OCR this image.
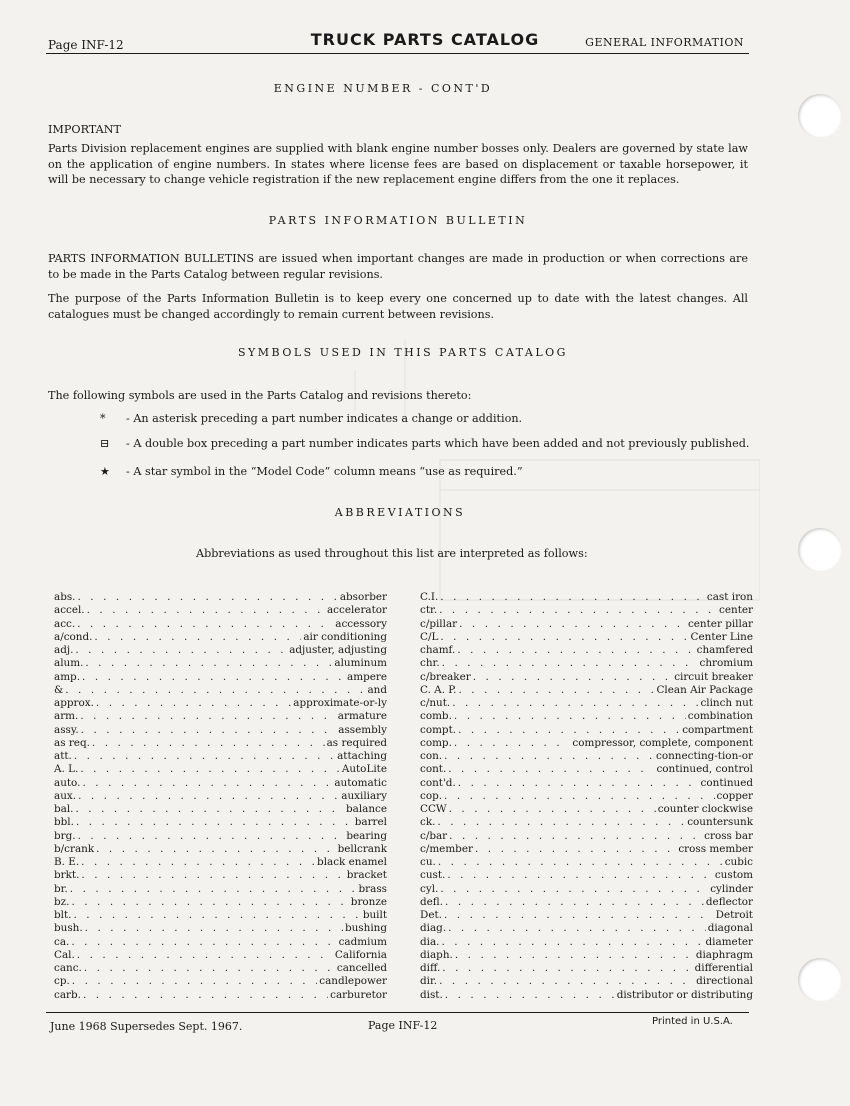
Page INF-12	TRUCK PARTS CATALOG	GENERAL INFORMATION
ENGINE NUMBER - CONT'D
IMPORTANT
Parts Division replacement engines are supplied with blank engine number bosses only. Dealers are governed by state law on the application of engine numbers. In states where license fees are based on displacement or taxable horsepower, it will be necessary to change vehicle registration if the new replacement engine differs from the one it replaces.
PARTS INFORMATION BULLETIN
PARTS INFORMATION BULLETINS are issued when important changes are made in production or when corrections are to be made in the Parts Catalog between regular revisions.
The purpose of the Parts Information Bulletin is to keep every one concerned up to date with the latest changes. All catalogues must be changed accordingly to remain current between revisions.
SYMBOLS USED IN THIS PARTS CATALOG
The following symbols are used in the Parts Catalog and revisions thereto:
* - An asterisk preceding a part number indicates a change or addition.
⊟ - A double box preceding a part number indicates parts which have been added and not previously published.
★ - A star symbol in the “Model Code” column means “use as required.”
ABBREVIATIONS
Abbreviations as used throughout this list are interpreted as follows:
abs. . . .	absorber
accel. . . .	accelerator
acc. . . .	accessory
a/cond. . . .	air conditioning
adj. . . .	adjuster, adjusting
alum. . . .	aluminum
amp. . . .	ampere
& . . .	and
approx. . . .	approximate-or-ly
arm. . . .	armature
assy. . . .	assembly
as req. . . .	as required
att. . . .	attaching
A. L. . . .	AutoLite
auto. . . .	automatic
aux. . . .	auxiliary
bal. . . .	balance
bbl. . . .	barrel
brg. . . .	bearing
b/crank . . .	bellcrank
B. E. . . .	black enamel
brkt. . . .	bracket
br. . . .	brass
bz. . . .	bronze
blt. . . .	built
bush. . . .	bushing
ca. . . .	cadmium
Cal. . . .	California
canc. . . .	cancelled
cp. . . .	candlepower
carb. . . .	carburetor
C.I. . . .	cast iron
ctr. . . .	center
c/pillar . . .	center pillar
C/L . . .	Center Line
chamf. . . .	chamfered
chr. . . .	chromium
c/breaker . . .	circuit breaker
C. A. P. . . .	Clean Air Package
c/nut. . . .	clinch nut
comb. . . .	combination
compt. . . .	compartment
comp. . . .	compressor, complete, component
con. . . .	connecting-tion-or
cont. . . .	continued, control
cont'd. . . .	continued
cop. . . .	copper
CCW . . .	counter clockwise
ck. . . .	countersunk
c/bar . . .	cross bar
c/member . . .	cross member
cu. . . .	cubic
cust. . . .	custom
cyl. . . .	cylinder
defl. . . .	deflector
Det. . . .	Detroit
diag. . . .	diagonal
dia. . . .	diameter
diaph. . . .	diaphragm
diff. . . .	differential
dir. . . .	directional
dist. . . .	distributor or distributing
June 1968 Supersedes Sept. 1967.	Page INF-12	Printed in U.S.A.
